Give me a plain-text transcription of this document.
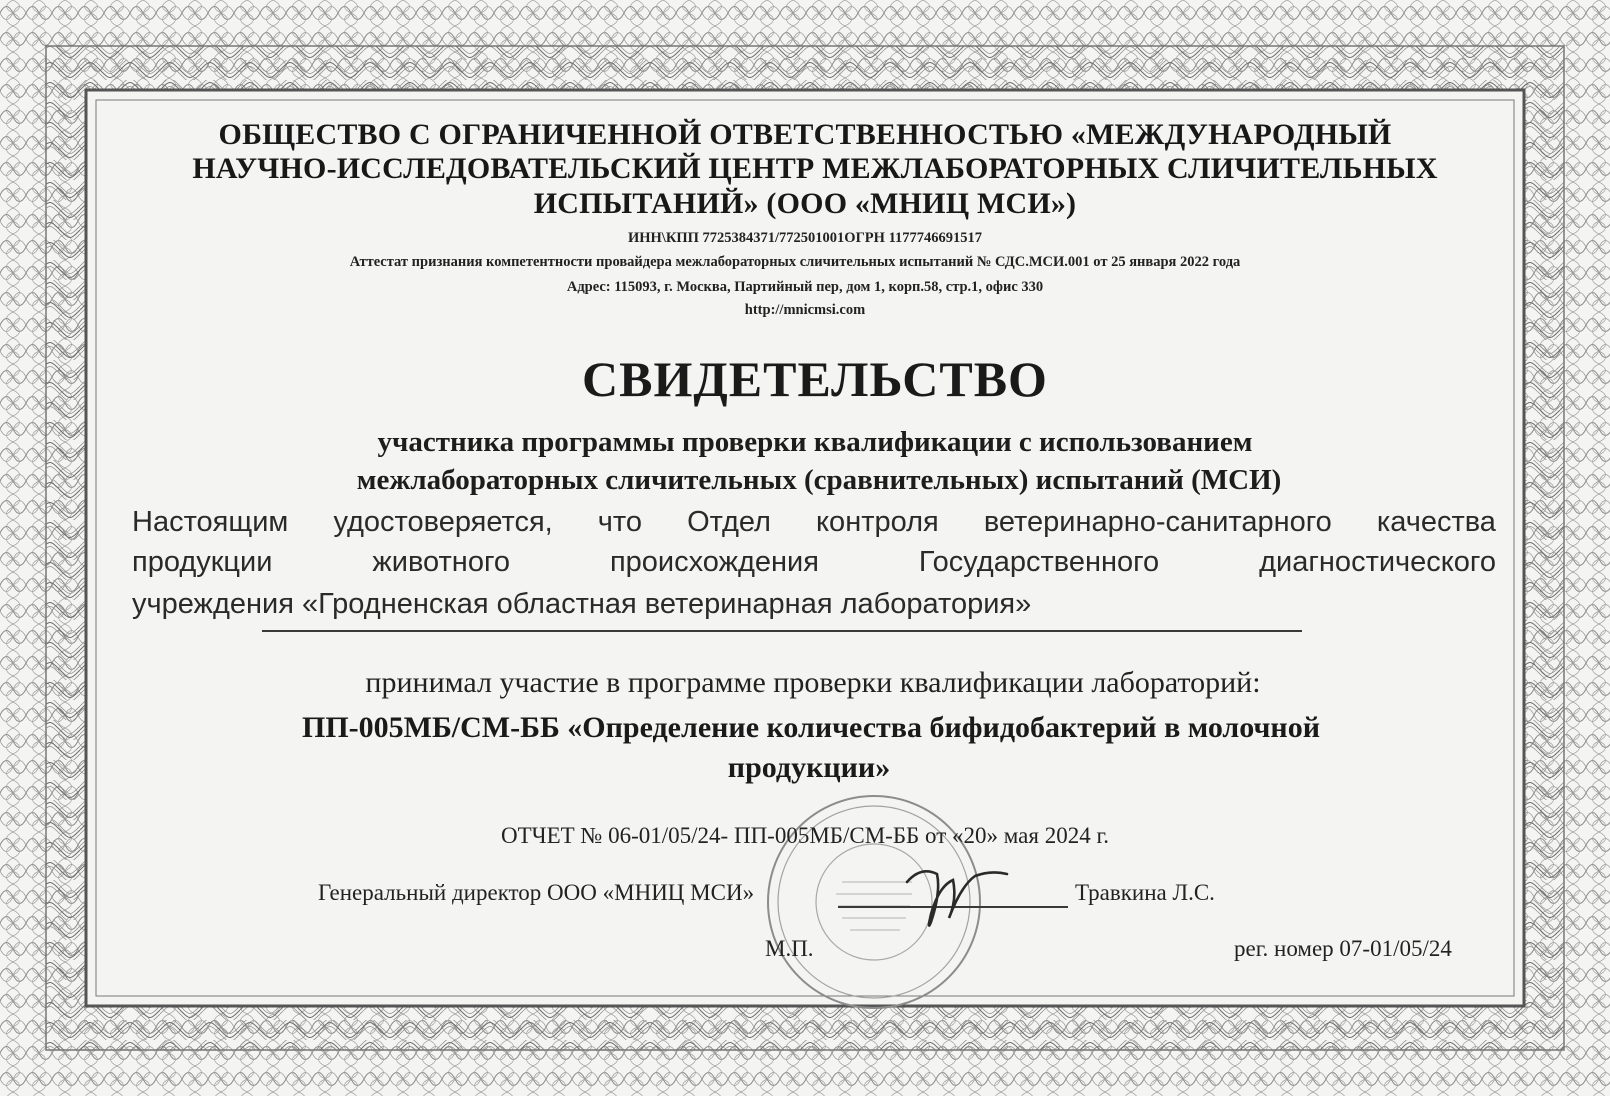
ОБЩЕСТВО С ОГРАНИЧЕННОЙ ОТВЕТСТВЕННОСТЬЮ «МЕЖДУНАРОДНЫЙ
НАУЧНО-ИССЛЕДОВАТЕЛЬСКИЙ ЦЕНТР МЕЖЛАБОРАТОРНЫХ СЛИЧИТЕЛЬНЫХ
ИСПЫТАНИЙ» (ООО «МНИЦ МСИ»)
ИНН\КПП 7725384371/772501001ОГРН 1177746691517
Аттестат признания компетентности провайдера межлабораторных сличительных испытаний № СДС.МСИ.001 от 25 января 2022 года
Адрес: 115093, г. Москва, Партийный пер, дом 1, корп.58, стр.1, офис 330
http://mnicmsi.com
СВИДЕТЕЛЬСТВО
участника программы проверки квалификации с использованием
межлабораторных сличительных (сравнительных) испытаний (МСИ)
Настоящим удостоверяется, что Отдел контроля ветеринарно-санитарного качества
продукции	животного	происхождения	Государственного	диагностического
учреждения «Гродненская областная ветеринарная лаборатория»
принимал участие в программе проверки квалификации лабораторий:
ПП-005МБ/СМ-ББ «Определение количества бифидобактерий в молочной
продукции»
ОТЧЕТ № 06-01/05/24- ПП-005МБ/СМ-ББ от «20» мая 2024 г.
Генеральный директор ООО «МНИЦ МСИ»	Травкина Л.С.
М.П.	рег. номер 07-01/05/24
